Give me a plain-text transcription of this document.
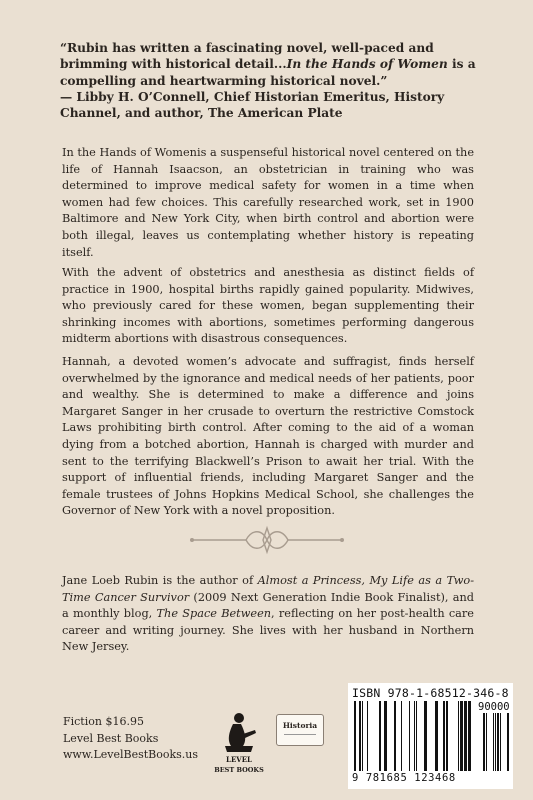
“Rubin has written a fascinating novel, well-paced and brimming with historical detail...In the Hands of Women is a compelling and heartwarming historical novel.”
— Libby H. O’Connell, Chief Historian Emeritus, History Channel, and author, The American Plate
In the Hands of Womenis a suspenseful historical novel centered on the life of Hannah Isaacson, an obstetrician in training who was determined to improve medical safety for women in a time when women had few choices. This carefully researched work, set in 1900 Baltimore and New York City, when birth control and abortion were both illegal, leaves us contemplating whether history is repeating itself.
With the advent of obstetrics and anesthesia as distinct fields of practice in 1900, hospital births rapidly gained popularity. Midwives, who previously cared for these women, began supplementing their shrinking incomes with abortions, sometimes performing dangerous midterm abortions with disastrous consequences.
Hannah, a devoted women’s advocate and suffragist, finds herself overwhelmed by the ignorance and medical needs of her patients, poor and wealthy. She is determined to make a difference and joins Margaret Sanger in her crusade to overturn the restrictive Comstock Laws prohibiting birth control. After coming to the aid of a woman dying from a botched abortion, Hannah is charged with murder and sent to the terrifying Blackwell’s Prison to await her trial. With the support of influential friends, including Margaret Sanger and the female trustees of Johns Hopkins Medical School, she challenges the Governor of New York with a novel proposition.
Jane Loeb Rubin is the author of Almost a Princess, My Life as a Two-Time Cancer Survivor (2009 Next Generation Indie Book Finalist), and a monthly blog, The Space Between, reflecting on her post-health care career and writing journey. She lives with her husband in Northern New Jersey.
Fiction $16.95
Level Best Books
www.LevelBestBooks.us	LEVEL
BEST BOOKS
Historia
ISBN 978-1-68512-346-8
90000
9 781685 123468
